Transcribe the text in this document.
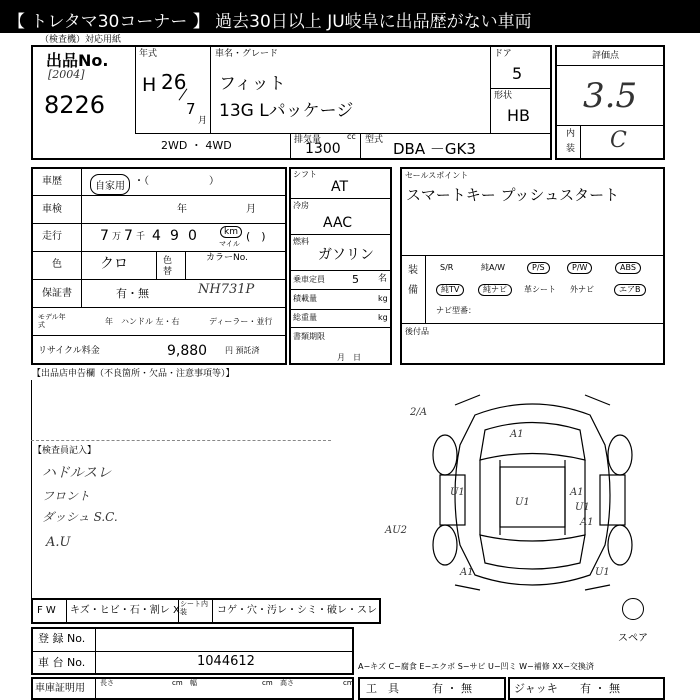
【 トレタマ30コーナー 】 過去30日以上 JU岐阜に出品歴がない車両
（検査機）対応用紙
出品No.
[2004]
8226
年式
H 26
7
月
車名・グレード
フィット
13G Lパッケージ
ドア
5
形状
HB
2WD ・ 4WD	排気量	cc
1300
型式 DBA －GK3
評価点
3.5
内
装 C
車歴	自家用 ・（　　　　　　）
車検	年	月
走行	7 万 7 千 4 9 0	km
マイル
(　)
色	クロ	色替
カラーNo.
NH731P
保証書	有・無
モデル年式	年 ハンドル 左・右	ディーラー・並行
リサイクル料金	9,880 円 預託済
シフト
AT
冷房
AAC
燃料
ガソリン
乗車定員 5 名
積載量	kg
総重量	kg
書類期限
月　日
セールスポイント
スマートキー プッシュスタート
装
備
S/R	純A/W	P/S	P/W	ABS
純TV	純ナビ	革シート 外ナビ	エアB
ナビ型番：
後付品
【出品店申告欄（不良箇所・欠品・注意事項等）】
【検査員記入】
ハドルスレ
フロント
ダッシュ S.C.
A.U
2/A
A1
U1
U1
A1
U1
A1
AU2
A1	U1
スペア
F W キズ・ヒビ・石・割レ X
シート内装	コゲ・穴・汚レ・シミ・破レ・スレ
登 録 No.
車 台 No.	1044612	A−キズ C−腐食 E−エクボ S−サビ U−凹ミ W−補修 XX−交換済
車庫証明用 長さ	cm 幅	cm 高さ	cm 工　具	有 ・ 無	ジャッキ 有 ・ 無
